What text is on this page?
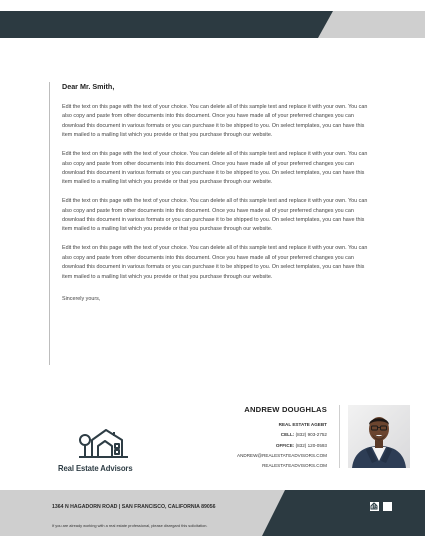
Dear Mr. Smith,

Edit the text on this page with the text of your choice. You can delete all of this sample text and replace it with your own. You can also copy and paste from other documents into this document. Once you have made all of your preferred changes you can download this document in various formats or you can purchase it to be shipped to you. On select templates, you can have this item mailed to a mailing list which you provide or that you purchase through our website.

Edit the text on this page with the text of your choice. You can delete all of this sample text and replace it with your own. You can also copy and paste from other documents into this document. Once you have made all of your preferred changes you can download this document in various formats or you can purchase it to be shipped to you. On select templates, you can have this item mailed to a mailing list which you provide or that you purchase through our website.

Edit the text on this page with the text of your choice. You can delete all of this sample text and replace it with your own. You can also copy and paste from other documents into this document. Once you have made all of your preferred changes you can download this document in various formats or you can purchase it to be shipped to you. On select templates, you can have this item mailed to a mailing list which you provide or that you purchase through our website.

Edit the text on this page with the text of your choice. You can delete all of this sample text and replace it with your own. You can also copy and paste from other documents into this document. Once you have made all of your preferred changes you can download this document in various formats or you can purchase it to be shipped to you. On select templates, you can have this item mailed to a mailing list which you provide or that you purchase through our website.

Sincerely yours,
ANDREW DOUGHLAS
REAL ESTATE AGEBT
CELL: (832) 903-2752
OFFICE: (832) 120-0593
ANDREW@REALESTATEADVISORS.COM
REALESTATEADVISORS.COM
Real Estate Advisors
1364 N HAGADORN ROAD | SAN FRANCISCO, CALIFORNIA 89056
If you are already working with a real estate professional, please disregard this solicitation.
R
